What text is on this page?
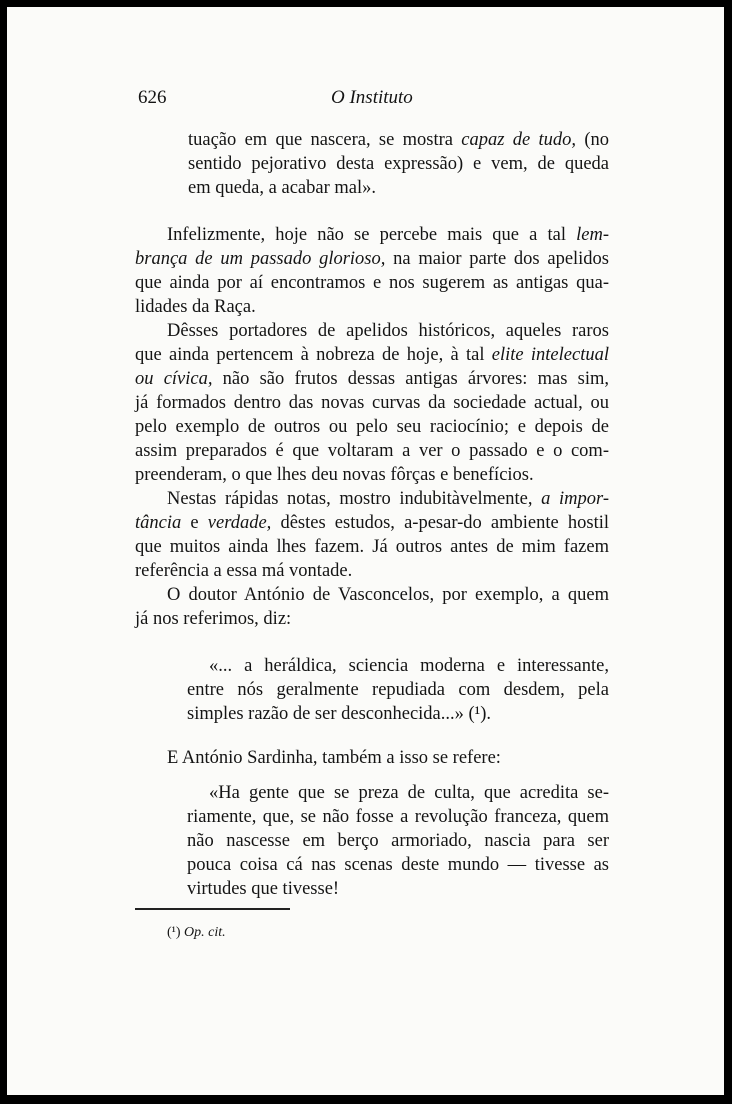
626	O Instituto
tuação em que nascera, se mostra capaz de tudo, (no
sentido pejorativo desta expressão) e vem, de queda
em queda, a acabar mal».
Infelizmente, hoje não se percebe mais que a tal lem-
brança de um passado glorioso, na maior parte dos apelidos
que ainda por aí encontramos e nos sugerem as antigas qua-
lidades da Raça.
Dêsses portadores de apelidos históricos, aqueles raros
que ainda pertencem à nobreza de hoje, à tal elite intelectual
ou cívica, não são frutos dessas antigas árvores: mas sim,
já formados dentro das novas curvas da sociedade actual, ou
pelo exemplo de outros ou pelo seu raciocínio; e depois de
assim preparados é que voltaram a ver o passado e o com-
preenderam, o que lhes deu novas fôrças e benefícios.
Nestas rápidas notas, mostro indubitàvelmente, a impor-
tância e verdade, dêstes estudos, a-pesar-do ambiente hostil
que muitos ainda lhes fazem. Já outros antes de mim fazem
referência a essa má vontade.
O doutor António de Vasconcelos, por exemplo, a quem
já nos referimos, diz:
«... a heráldica, sciencia moderna e interessante,
entre nós geralmente repudiada com desdem, pela
simples razão de ser desconhecida...» (¹).
E António Sardinha, também a isso se refere:
«Ha gente que se preza de culta, que acredita se-
riamente, que, se não fosse a revolução franceza, quem
não nascesse em berço armoriado, nascia para ser
pouca coisa cá nas scenas deste mundo — tivesse as
virtudes que tivesse!
(¹) Op. cit.
